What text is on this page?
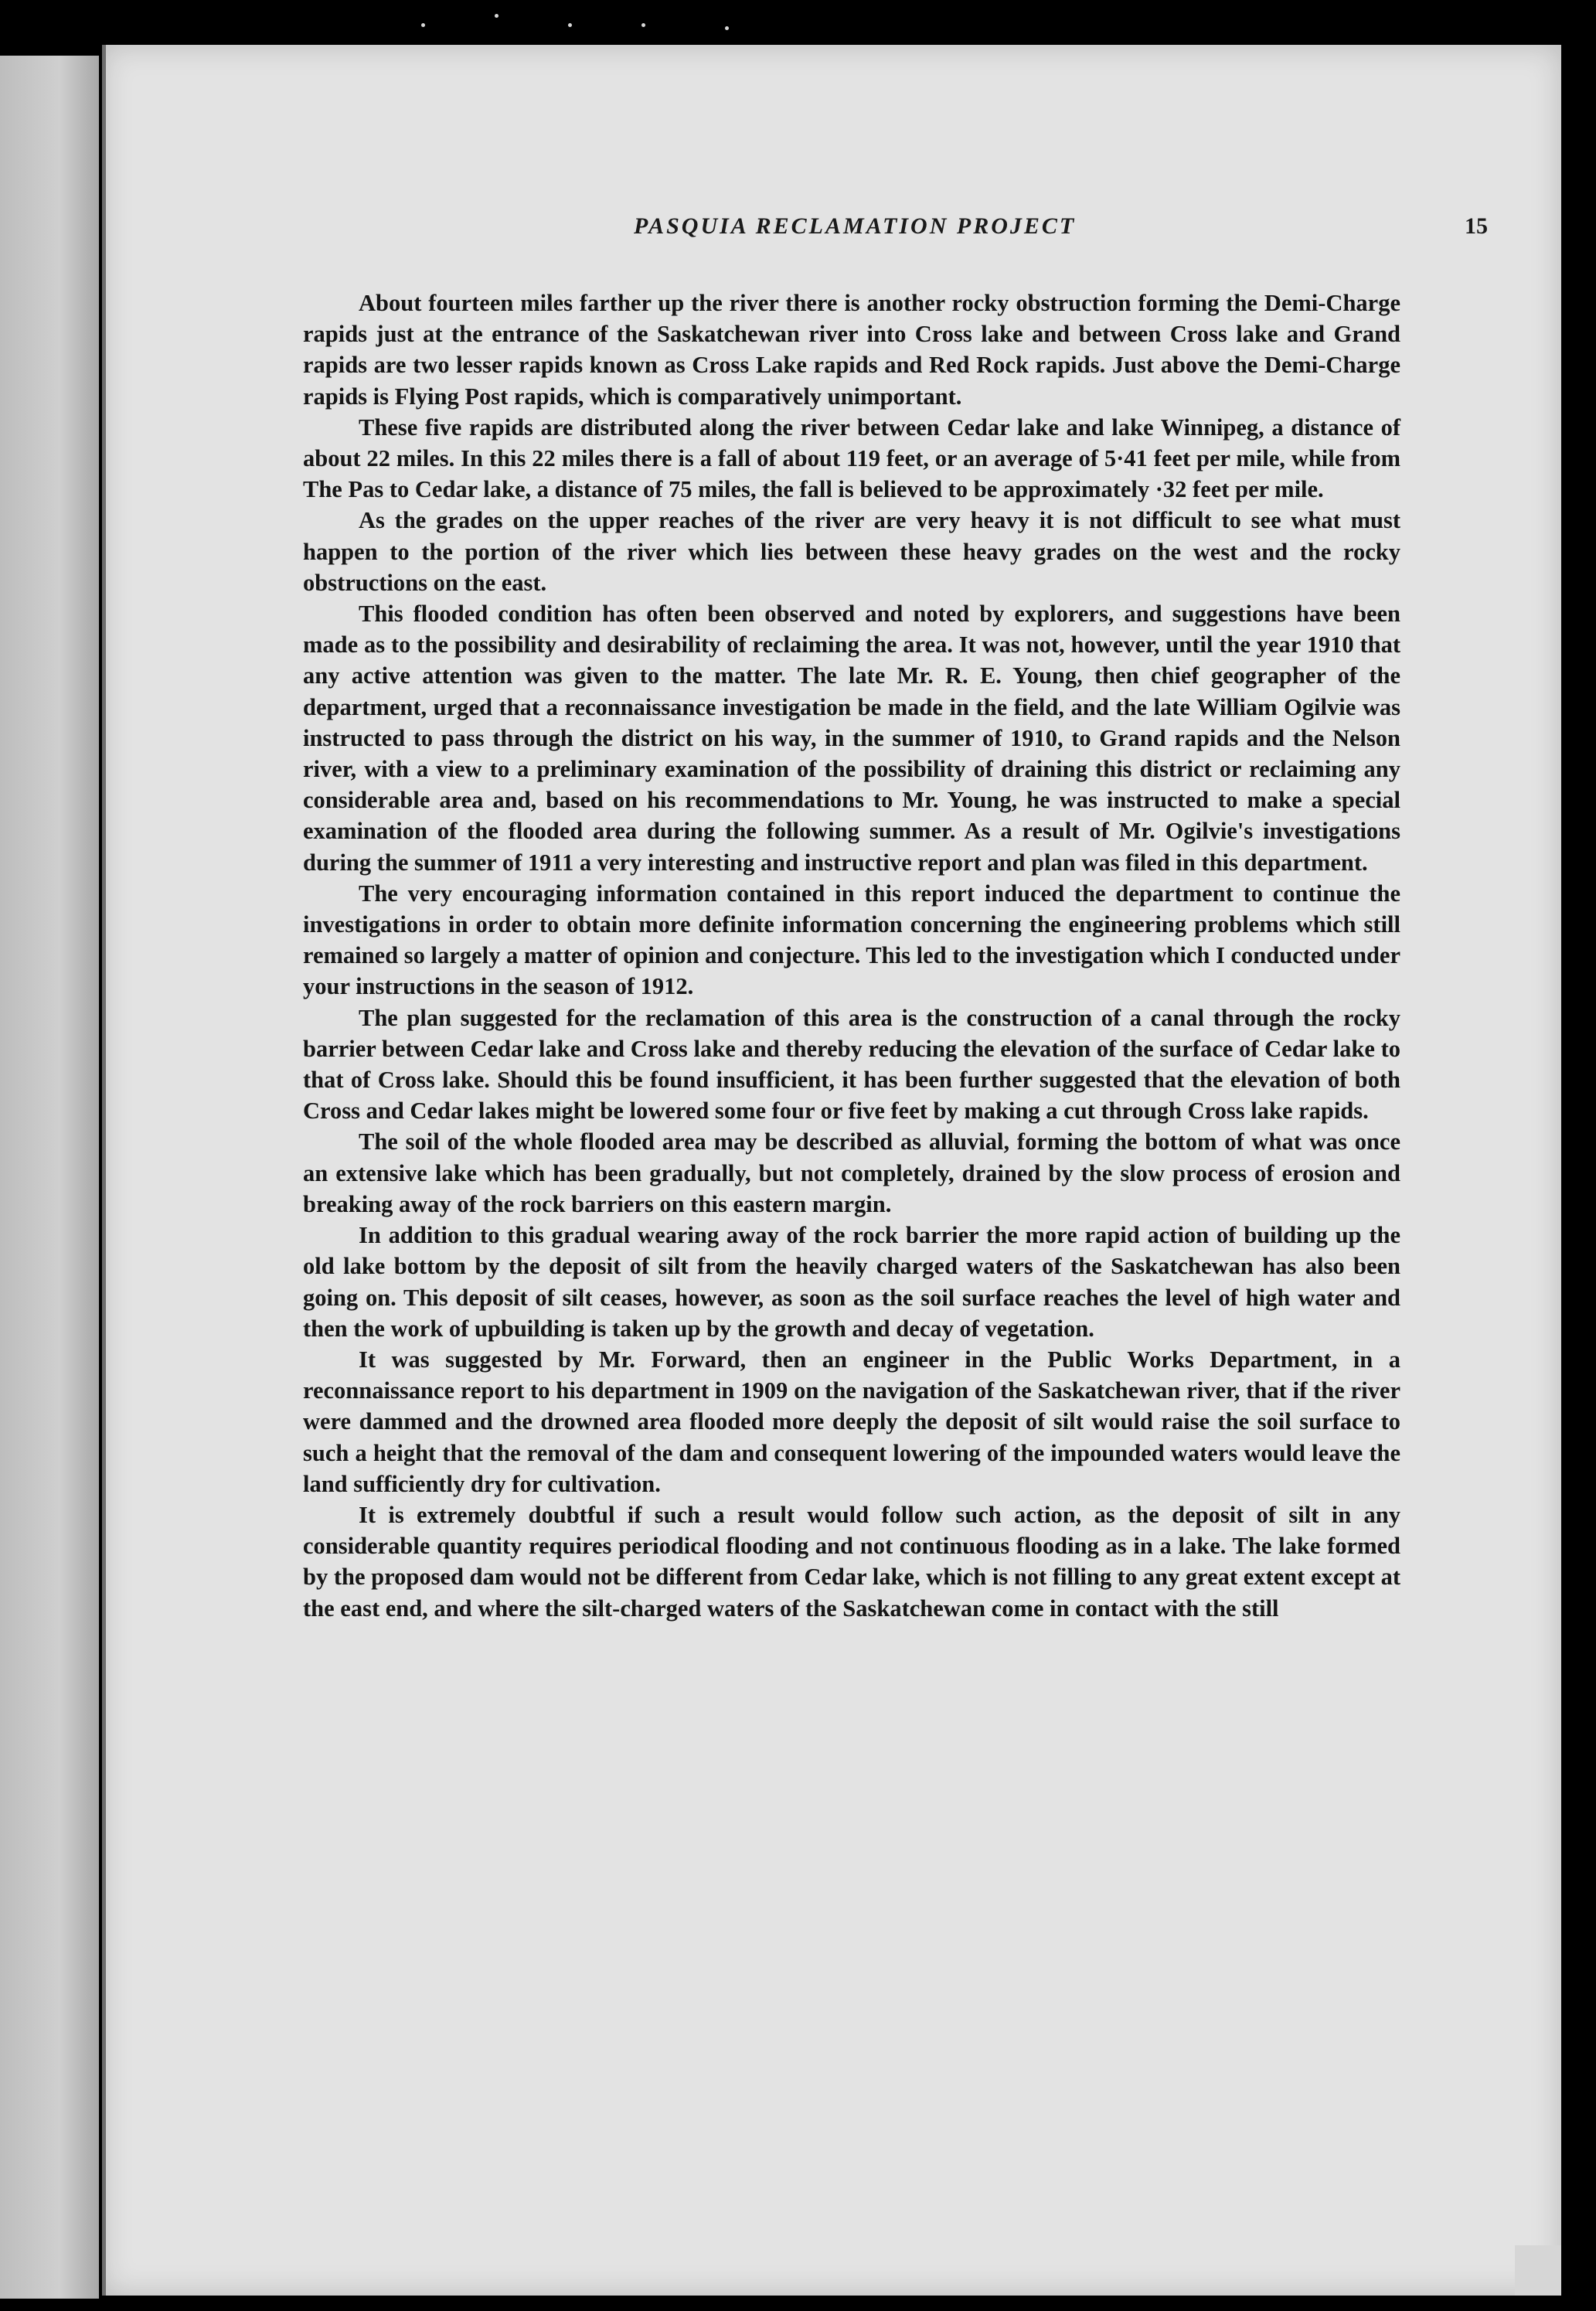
PASQUIA RECLAMATION PROJECT	15

About fourteen miles farther up the river there is another rocky obstruction forming the Demi-Charge rapids just at the entrance of the Saskatchewan river into Cross lake and between Cross lake and Grand rapids are two lesser rapids known as Cross Lake rapids and Red Rock rapids. Just above the Demi-Charge rapids is Flying Post rapids, which is comparatively unimportant.

These five rapids are distributed along the river between Cedar lake and lake Winnipeg, a distance of about 22 miles. In this 22 miles there is a fall of about 119 feet, or an average of 5·41 feet per mile, while from The Pas to Cedar lake, a distance of 75 miles, the fall is believed to be approximately ·32 feet per mile.

As the grades on the upper reaches of the river are very heavy it is not difficult to see what must happen to the portion of the river which lies between these heavy grades on the west and the rocky obstructions on the east.

This flooded condition has often been observed and noted by explorers, and suggestions have been made as to the possibility and desirability of reclaiming the area. It was not, however, until the year 1910 that any active attention was given to the matter. The late Mr. R. E. Young, then chief geographer of the department, urged that a reconnaissance investigation be made in the field, and the late William Ogilvie was instructed to pass through the district on his way, in the summer of 1910, to Grand rapids and the Nelson river, with a view to a preliminary examination of the possibility of draining this district or reclaiming any considerable area and, based on his recommendations to Mr. Young, he was instructed to make a special examination of the flooded area during the following summer. As a result of Mr. Ogilvie's investigations during the summer of 1911 a very interesting and instructive report and plan was filed in this department.

The very encouraging information contained in this report induced the department to continue the investigations in order to obtain more definite information concerning the engineering problems which still remained so largely a matter of opinion and conjecture. This led to the investigation which I conducted under your instructions in the season of 1912.

The plan suggested for the reclamation of this area is the construction of a canal through the rocky barrier between Cedar lake and Cross lake and thereby reducing the elevation of the surface of Cedar lake to that of Cross lake. Should this be found insufficient, it has been further suggested that the elevation of both Cross and Cedar lakes might be lowered some four or five feet by making a cut through Cross lake rapids.

The soil of the whole flooded area may be described as alluvial, forming the bottom of what was once an extensive lake which has been gradually, but not completely, drained by the slow process of erosion and breaking away of the rock barriers on this eastern margin.

In addition to this gradual wearing away of the rock barrier the more rapid action of building up the old lake bottom by the deposit of silt from the heavily charged waters of the Saskatchewan has also been going on. This deposit of silt ceases, however, as soon as the soil surface reaches the level of high water and then the work of upbuilding is taken up by the growth and decay of vegetation.

It was suggested by Mr. Forward, then an engineer in the Public Works Department, in a reconnaissance report to his department in 1909 on the navigation of the Saskatchewan river, that if the river were dammed and the drowned area flooded more deeply the deposit of silt would raise the soil surface to such a height that the removal of the dam and consequent lowering of the impounded waters would leave the land sufficiently dry for cultivation.

It is extremely doubtful if such a result would follow such action, as the deposit of silt in any considerable quantity requires periodical flooding and not continuous flooding as in a lake. The lake formed by the proposed dam would not be different from Cedar lake, which is not filling to any great extent except at the east end, and where the silt-charged waters of the Saskatchewan come in contact with the still
